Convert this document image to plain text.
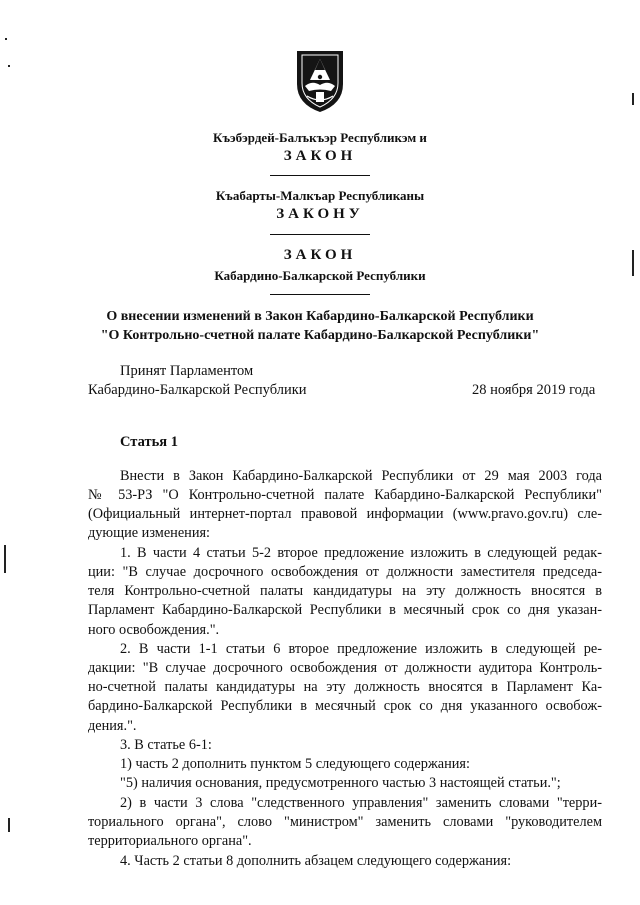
Къэбэрдей-Балъкъэр Республикэм и
ЗАКОН
Къабарты-Малкъар Республиканы
ЗАКОНУ
ЗАКОН
Кабардино-Балкарской Республики
О внесении изменений в Закон Кабардино-Балкарской Республики
"О Контрольно-счетной палате Кабардино-Балкарской Республики"
Принят Парламентом
Кабардино-Балкарской Республики	28 ноября 2019 года
Статья 1
Внести в Закон Кабардино-Балкарской Республики от 29 мая 2003 года
№ 53-РЗ "О Контрольно-счетной палате Кабардино-Балкарской Республики"
(Официальный интернет-портал правовой информации (www.pravo.gov.ru) сле-
дующие изменения:
1. В части 4 статьи 5-2 второе предложение изложить в следующей редак-
ции: "В случае досрочного освобождения от должности заместителя председа-
теля Контрольно-счетной палаты кандидатуры на эту должность вносятся в
Парламент Кабардино-Балкарской Республики в месячный срок со дня указан-
ного освобождения.".
2. В части 1-1 статьи 6 второе предложение изложить в следующей ре-
дакции: "В случае досрочного освобождения от должности аудитора Контроль-
но-счетной палаты кандидатуры на эту должность вносятся в Парламент Ка-
бардино-Балкарской Республики в месячный срок со дня указанного освобож-
дения.".
3. В статье 6-1:
1) часть 2 дополнить пунктом 5 следующего содержания:
"5) наличия основания, предусмотренного частью 3 настоящей статьи.";
2) в части 3 слова "следственного управления" заменить словами "терри-
ториального органа", слово "министром" заменить словами "руководителем
территориального органа".
4. Часть 2 статьи 8 дополнить абзацем следующего содержания:
